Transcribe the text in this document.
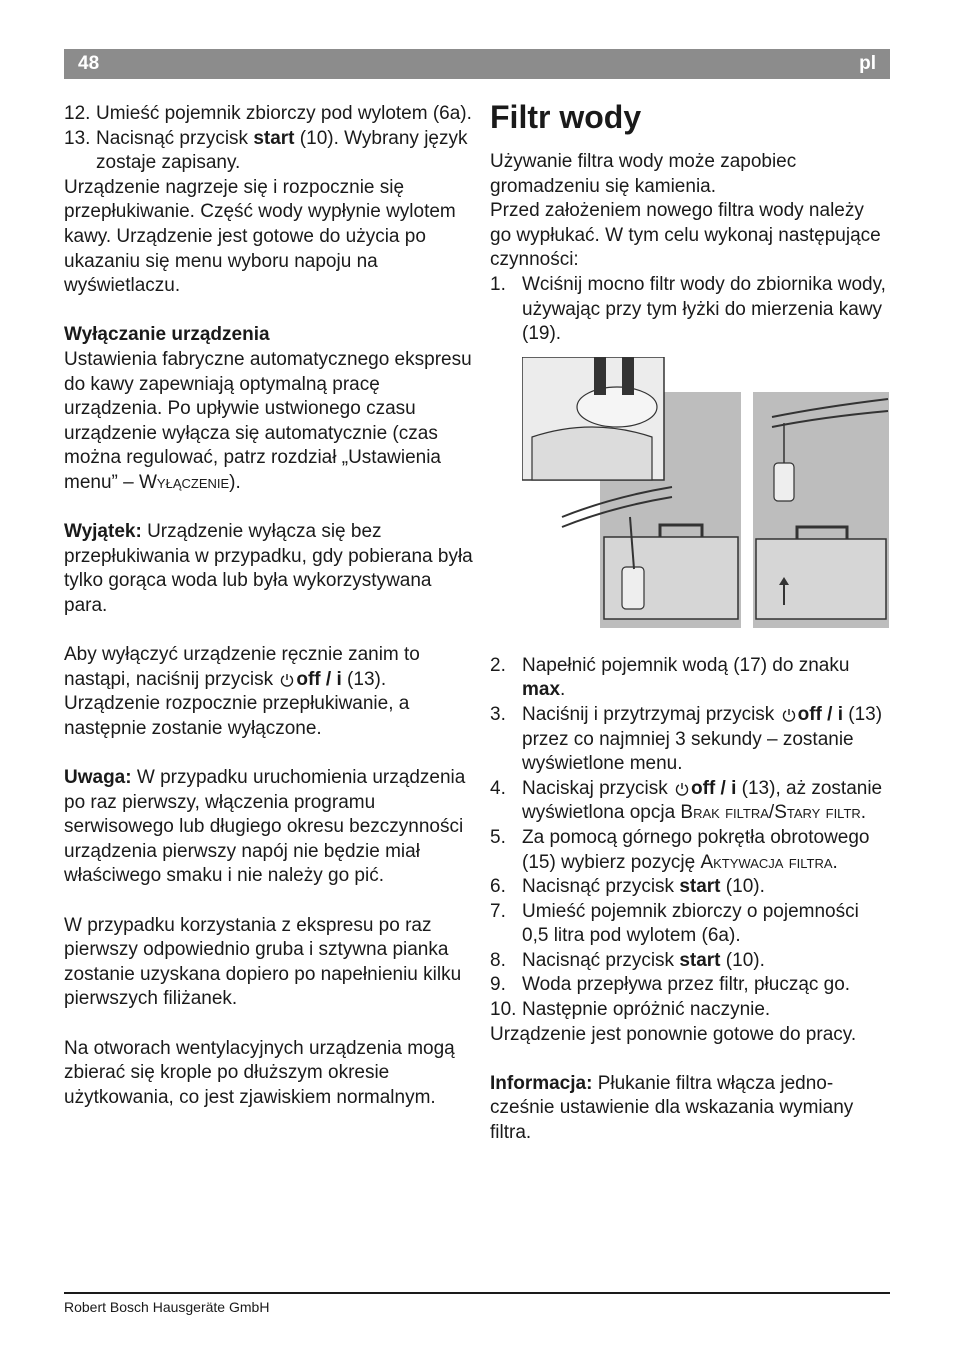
48	pl
12. Umieść pojemnik zbiorczy pod wylotem (6a).
13. Nacisnąć przycisk start (10). Wybrany język zostaje zapisany.

Urządzenie nagrzeje się i rozpocznie się przepłukiwanie. Część wody wypłynie wylotem kawy. Urządzenie jest gotowe do użycia po ukazaniu się menu wyboru napoju na wyświetlaczu.

Wyłączanie urządzenia

Ustawienia fabryczne automatycznego ekspresu do kawy zapewniają optymalną pracę urządzenia. Po upływie ustwionego czasu urządzenie wyłącza się automatycznie (czas można regulować, patrz rozdział „Ustawienia menu” – Wyłączenie).

Wyjątek: Urządzenie wyłącza się bez przepłukiwania w przypadku, gdy pobierana była tylko gorąca woda lub była wykorzystywana para.

Aby wyłączyć urządzenie ręcznie zanim to nastąpi, naciśnij przycisk off / i (13). Urządzenie rozpocznie przepłukiwanie, a następnie zostanie wyłączone.

Uwaga: W przypadku uruchomienia urządzenia po raz pierwszy, włączenia programu serwisowego lub długiego okresu bezczynności urządzenia pierwszy napój nie będzie miał właściwego smaku i nie należy go pić.

W przypadku korzystania z ekspresu po raz pierwszy odpowiednio gruba i sztywna pianka zostanie uzyskana dopiero po napełnieniu kilku pierwszych filiżanek.

Na otworach wentylacyjnych urządzenia mogą zbierać się krople po dłuższym okresie użytkowania, co jest zjawiskiem normalnym.

Filtr wody

Używanie filtra wody może zapobiec gromadzeniu się kamienia.

Przed założeniem nowego filtra wody należy go wypłukać. W tym celu wykonaj następujące czynności:

1. Wciśnij mocno filtr wody do zbiornika wody, używając przy tym łyżki do mierzenia kawy (19).
2. Napełnić pojemnik wodą (17) do znaku max.
3. Naciśnij i przytrzymaj przycisk off / i (13) przez co najmniej 3 sekundy – zostanie wyświetlone menu.
4. Naciskaj przycisk off / i (13), aż zostanie wyświetlona opcja Brak filtra/Stary filtr.
5. Za pomocą górnego pokrętła obrotowego (15) wybierz pozycję Aktywacja filtra.
6. Nacisnąć przycisk start (10).
7. Umieść pojemnik zbiorczy o pojemności 0,5 litra pod wylotem (6a).
8. Nacisnąć przycisk start (10).
9. Woda przepływa przez filtr, płucząc go.
10. Następnie opróżnić naczynie.

Urządzenie jest ponownie gotowe do pracy.

Informacja: Płukanie filtra włącza jednocześnie ustawienie dla wskazania wymiany filtra.

Robert Bosch Hausgeräte GmbH
